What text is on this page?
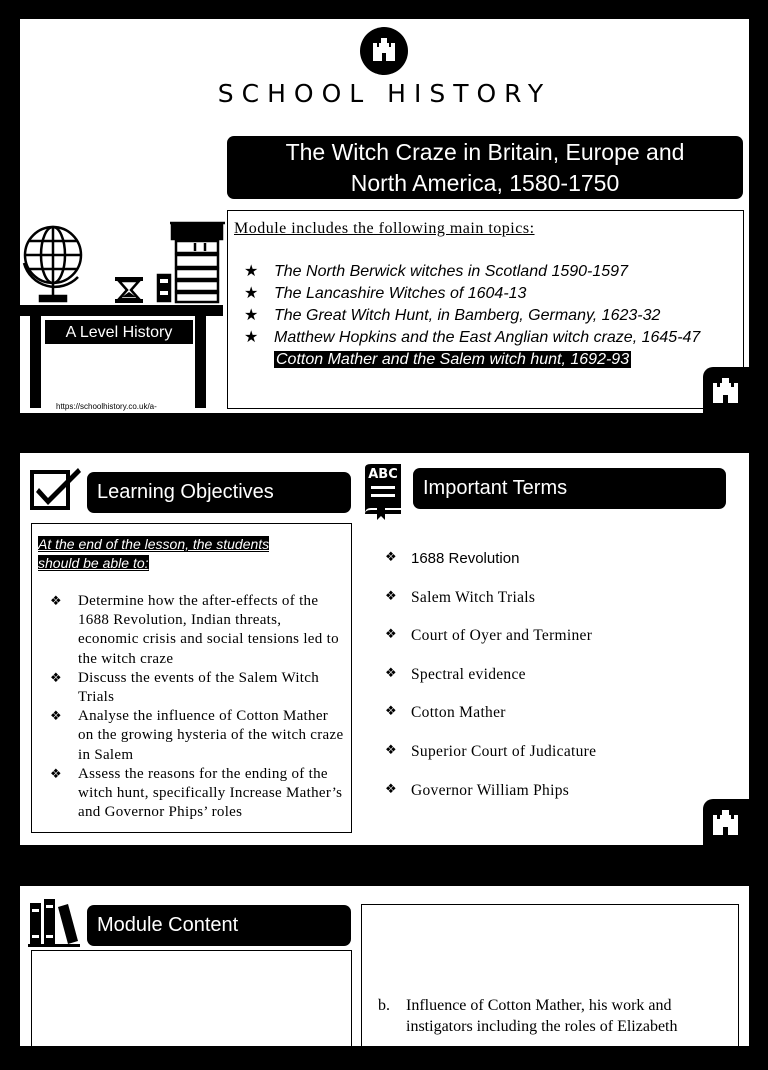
SCHOOL HISTORY
The Witch Craze in Britain, Europe and
North America, 1580-1750
A Level History
https://schoolhistory.co.uk/a-
Module includes the following main topics:
★ The North Berwick witches in Scotland 1590-1597
★ The Lancashire Witches of 1604-13
★ The Great Witch Hunt, in Bamberg, Germany, 1623-32
★ Matthew Hopkins and the East Anglian witch craze, 1645-47
Cotton Mather and the Salem witch hunt, 1692-93
Learning Objectives
ABC
Important Terms
At the end of the lesson, the students should be able to:
❖ Determine how the after-effects of the 1688 Revolution, Indian threats, economic crisis and social tensions led to the witch craze
❖ Discuss the events of the Salem Witch Trials
❖ Analyse the influence of Cotton Mather on the growing hysteria of the witch craze in Salem
❖ Assess the reasons for the ending of the witch hunt, specifically Increase Mather’s and Governor Phips’ roles
❖ 1688 Revolution
❖ Salem Witch Trials
❖ Court of Oyer and Terminer
❖ Spectral evidence
❖ Cotton Mather
❖ Superior Court of Judicature
❖ Governor William Phips
Module Content
b.	Influence of Cotton Mather, his work and instigators including the roles of Elizabeth
